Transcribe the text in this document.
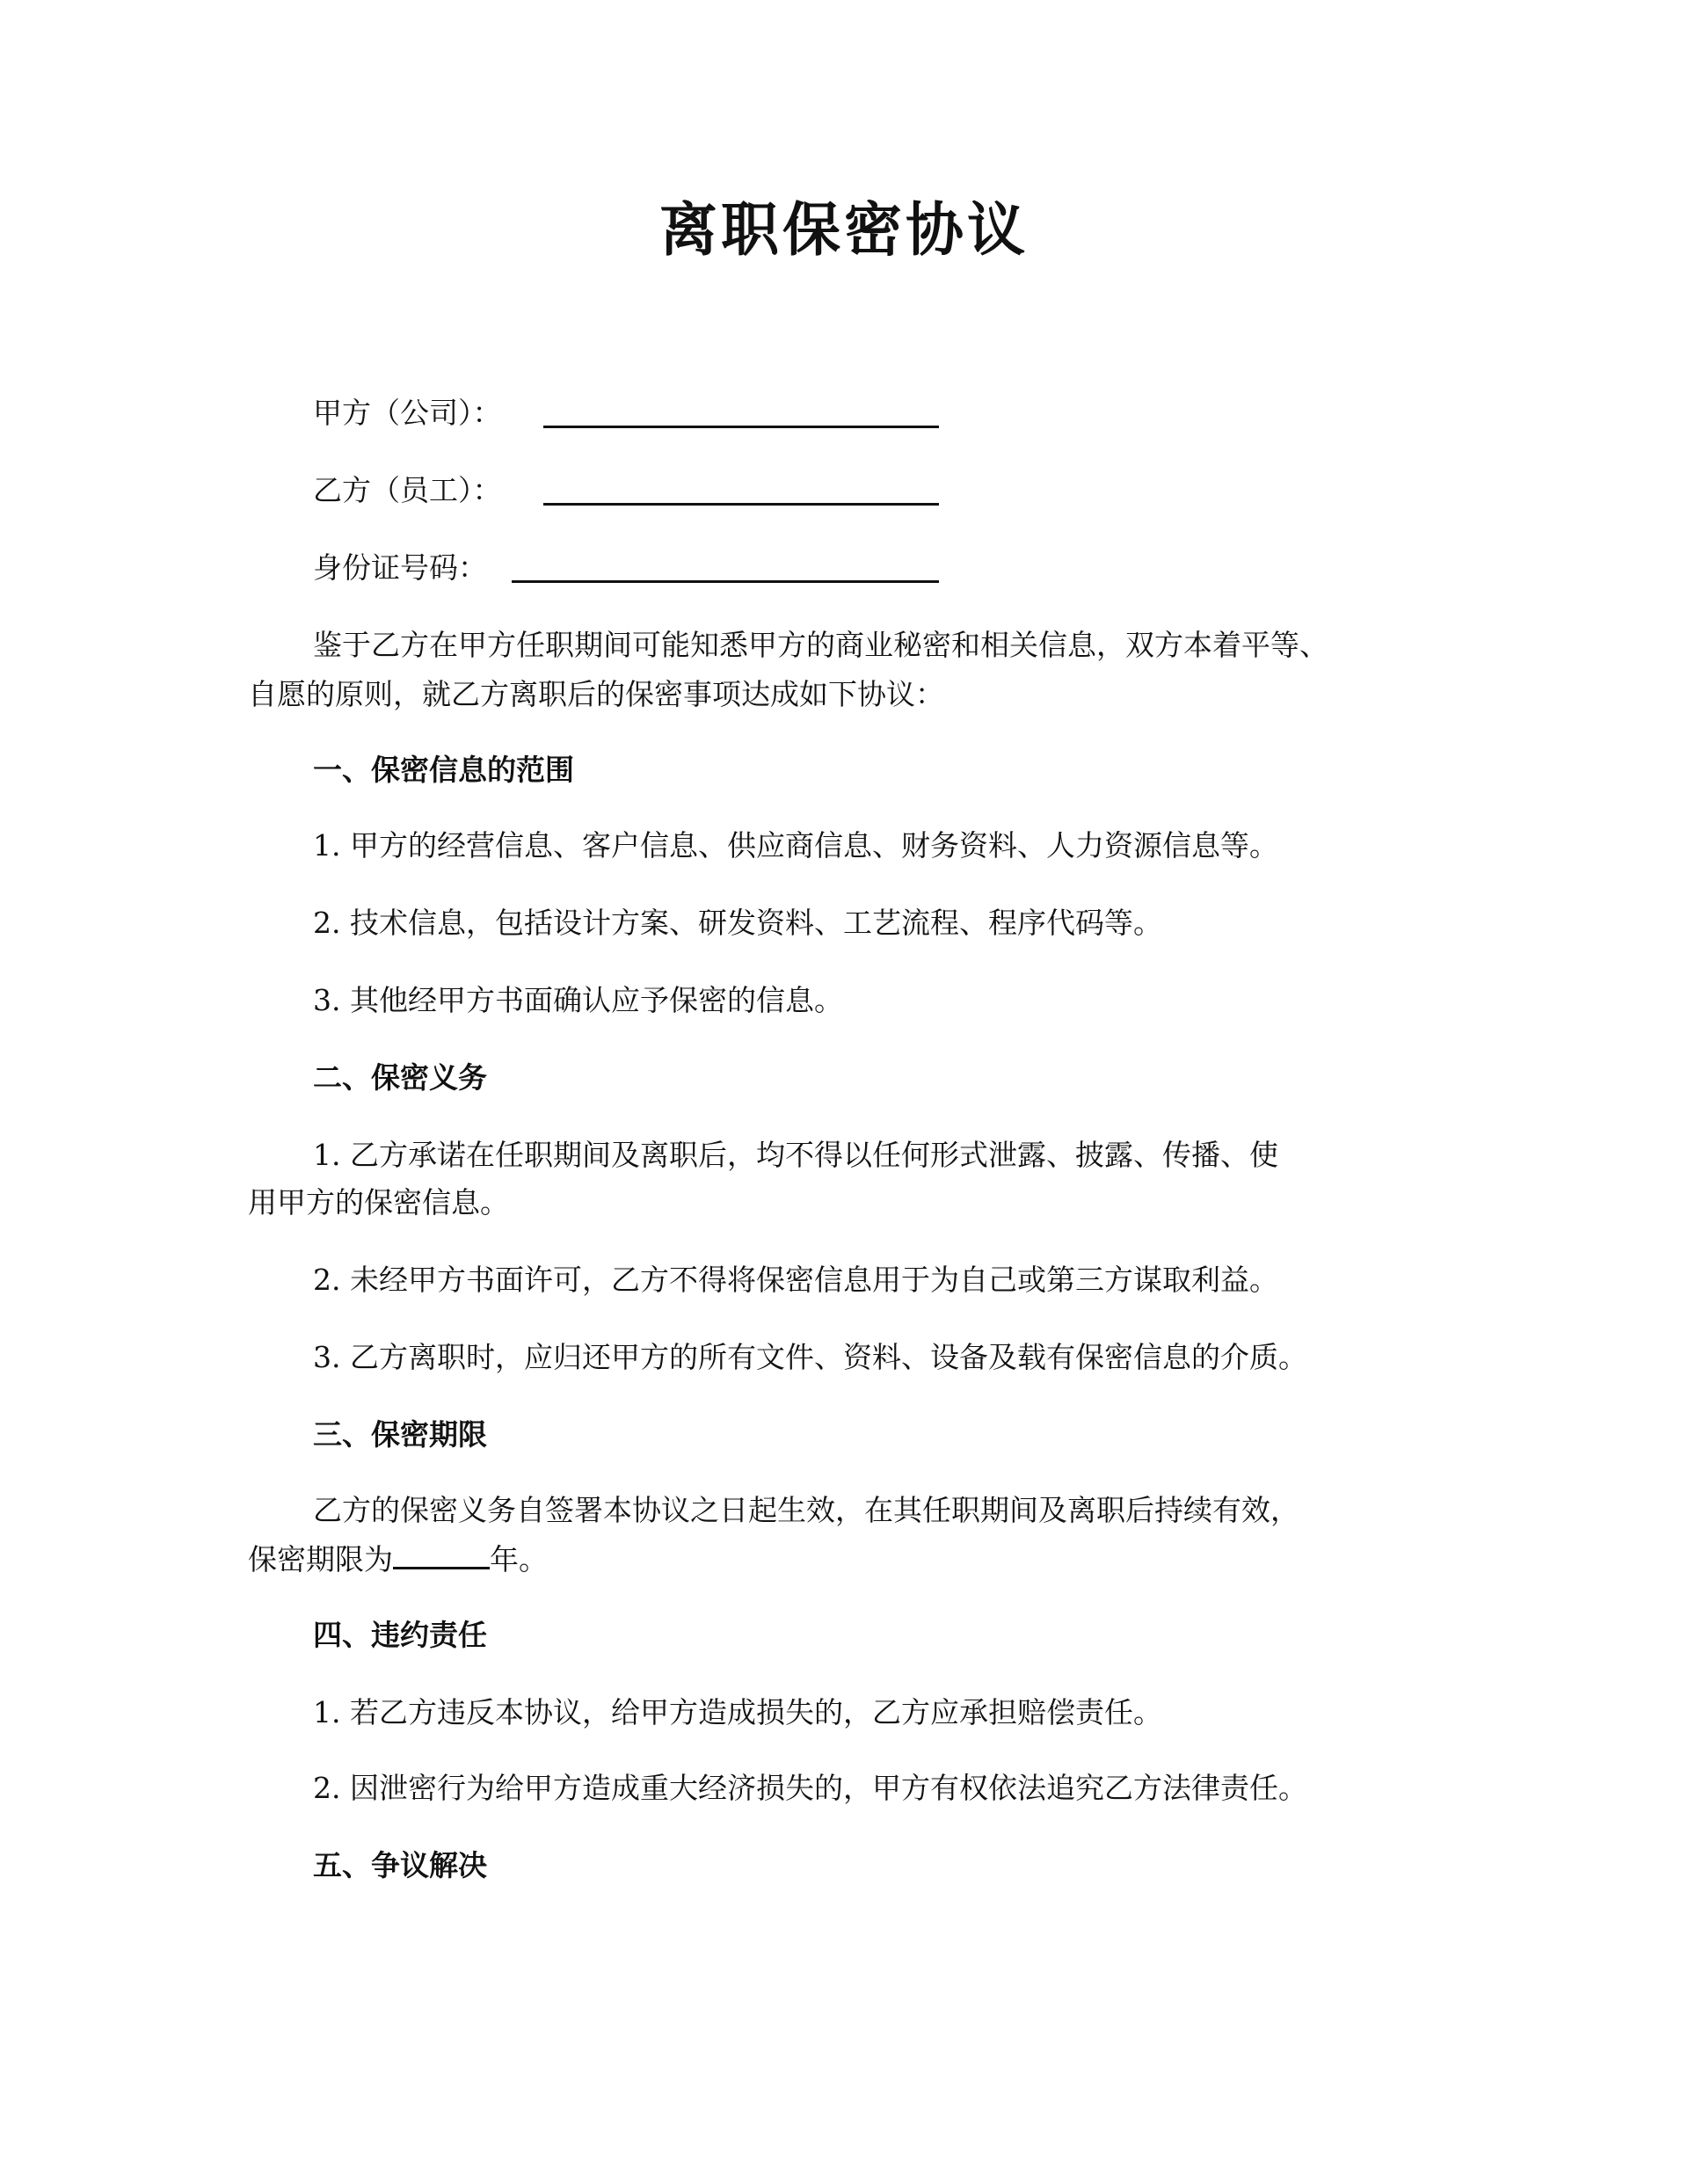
离职保密协议
甲方（公司）：
乙方（员工）：
身份证号码：
鉴于乙方在甲方任职期间可能知悉甲方的商业秘密和相关信息，双方本着平等、
自愿的原则，就乙方离职后的保密事项达成如下协议：
一、保密信息的范围
1. 甲方的经营信息、客户信息、供应商信息、财务资料、人力资源信息等。
2. 技术信息，包括设计方案、研发资料、工艺流程、程序代码等。
3. 其他经甲方书面确认应予保密的信息。
二、保密义务
1. 乙方承诺在任职期间及离职后，均不得以任何形式泄露、披露、传播、使
用甲方的保密信息。
2. 未经甲方书面许可，乙方不得将保密信息用于为自己或第三方谋取利益。
3. 乙方离职时，应归还甲方的所有文件、资料、设备及载有保密信息的介质。
三、保密期限
乙方的保密义务自签署本协议之日起生效，在其任职期间及离职后持续有效，
保密期限为	年。
四、违约责任
1. 若乙方违反本协议，给甲方造成损失的，乙方应承担赔偿责任。
2. 因泄密行为给甲方造成重大经济损失的，甲方有权依法追究乙方法律责任。
五、争议解决
